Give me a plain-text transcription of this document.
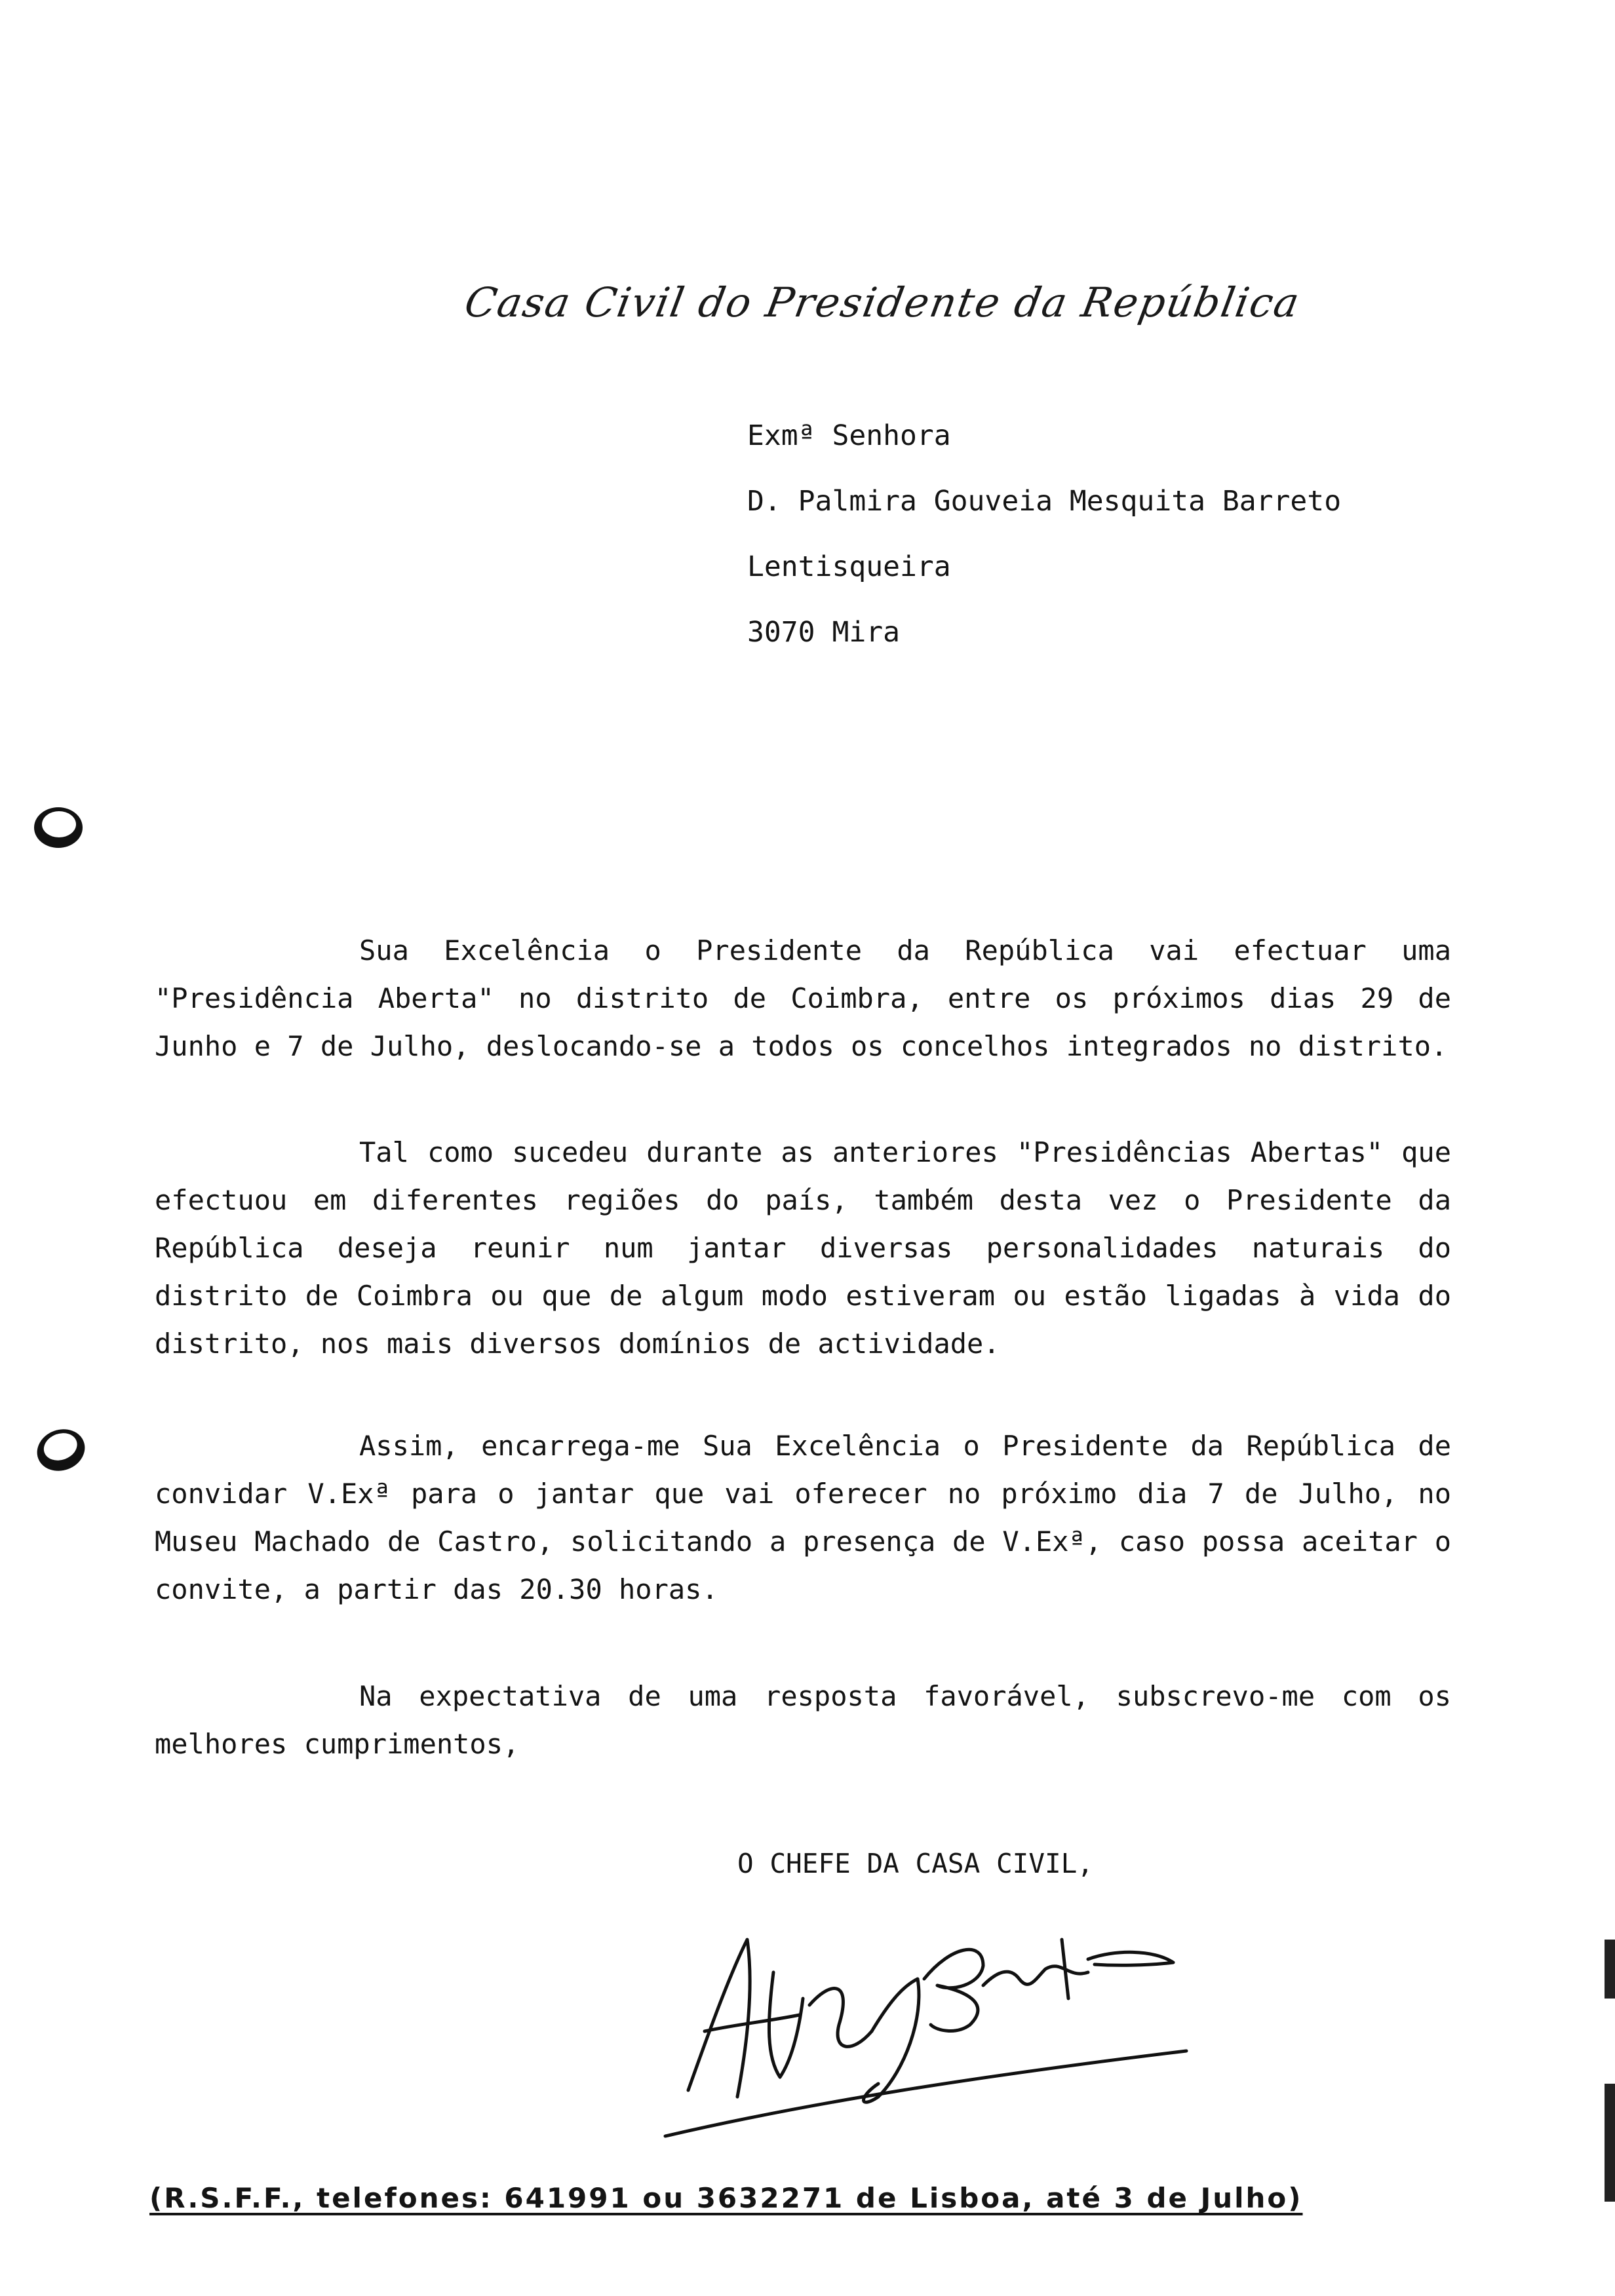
Casa Civil do Presidente da República
Exmª Senhora
D. Palmira Gouveia Mesquita Barreto
Lentisqueira
3070 Mira

Sua Excelência o Presidente da República vai efectuar uma "Presidência Aberta" no distrito de Coimbra, entre os próximos dias 29 de Junho e 7 de Julho, deslocando-se a todos os concelhos integrados no distrito.

Tal como sucedeu durante as anteriores "Presidências Abertas" que efectuou em diferentes regiões do país, também desta vez o Presidente da República deseja reunir num jantar diversas personalidades naturais do distrito de Coimbra ou que de algum modo estiveram ou estão ligadas à vida do distrito, nos mais diversos domínios de actividade.

Assim, encarrega-me Sua Excelência o Presidente da República de convidar V.Exª para o jantar que vai oferecer no próximo dia 7 de Julho, no Museu Machado de Castro, solicitando a presença de V.Exª, caso possa aceitar o convite, a partir das 20.30 horas.

Na expectativa de uma resposta favorável, subscrevo-me com os melhores cumprimentos,

O CHEFE DA CASA CIVIL,
(R.S.F.F., telefones: 641991 ou 3632271 de Lisboa, até 3 de Julho)
